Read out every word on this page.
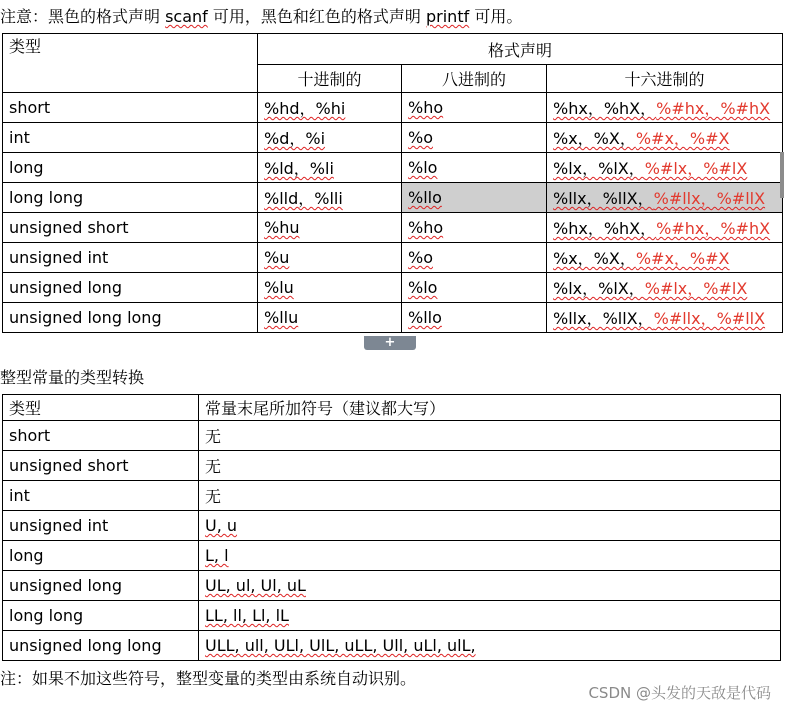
注意：黑色的格式声明 scanf 可用，黑色和红色的格式声明 printf 可用。
类型	格式声明		
	十进制的	八进制的	十六进制的
short	%hd，%hi	%ho	%hx，%hX，%#hx，%#hX
int	%d，%i	%o	%x，%X，%#x，%#X
long	%ld，%li	%lo	%lx，%lX，%#lx，%#lX
long long	%lld，%lli	%llo	%llx，%llX，%#llx，%#llX
unsigned short	%hu	%ho	%hx，%hX，%#hx，%#hX
unsigned int	%u	%o	%x，%X，%#x，%#X
unsigned long	%lu	%lo	%lx，%lX，%#lx，%#lX
unsigned long long	%llu	%llo	%llx，%llX，%#llx，%#llX
+
整型常量的类型转换
类型	常量末尾所加符号（建议都大写）
short	无
unsigned short	无
int	无
unsigned int	U, u
long	L, l
unsigned long	UL, ul, Ul, uL
long long	LL, ll, Ll, lL
unsigned long long	ULL, ull, ULl, UlL, uLL, Ull, uLl, ulL,
注：如果不加这些符号，整型变量的类型由系统自动识别。
CSDN @头发的天敌是代码
